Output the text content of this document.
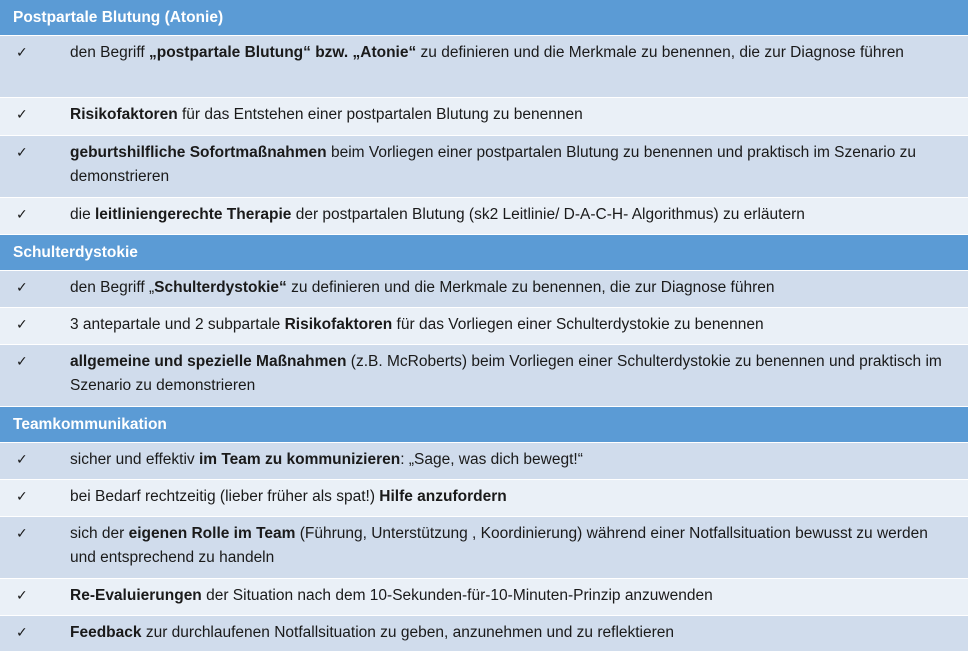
Postpartale Blutung (Atonie)
✓	den Begriff „postpartale Blutung“ bzw. „Atonie“ zu definieren und die Merkmale zu benennen, die zur Diagnose führen
✓	Risikofaktoren für das Entstehen einer postpartalen Blutung zu benennen
✓	geburtshilfliche Sofortmaßnahmen beim Vorliegen einer postpartalen Blutung zu benennen und praktisch im Szenario zu demonstrieren
✓	die leitliniengerechte Therapie der postpartalen Blutung (sk2 Leitlinie/ D-A-C-H- Algorithmus) zu erläutern
Schulterdystokie
✓	den Begriff „Schulterdystokie“ zu definieren und die Merkmale zu benennen, die zur Diagnose führen
✓	3 antepartale und 2 subpartale Risikofaktoren für das Vorliegen einer Schulterdystokie zu benennen
✓	allgemeine und spezielle Maßnahmen (z.B. McRoberts) beim Vorliegen einer Schulterdystokie zu benennen und praktisch im Szenario zu demonstrieren
Teamkommunikation
✓	sicher und effektiv im Team zu kommunizieren: „Sage, was dich bewegt!“
✓	bei Bedarf rechtzeitig (lieber früher als spat!) Hilfe anzufordern
✓	sich der eigenen Rolle im Team (Führung, Unterstützung , Koordinierung) während einer Notfallsituation bewusst zu werden und entsprechend zu handeln
✓	Re-Evaluierungen der Situation nach dem 10-Sekunden-für-10-Minuten-Prinzip anzuwenden
✓	Feedback zur durchlaufenen Notfallsituation zu geben, anzunehmen und zu reflektieren
